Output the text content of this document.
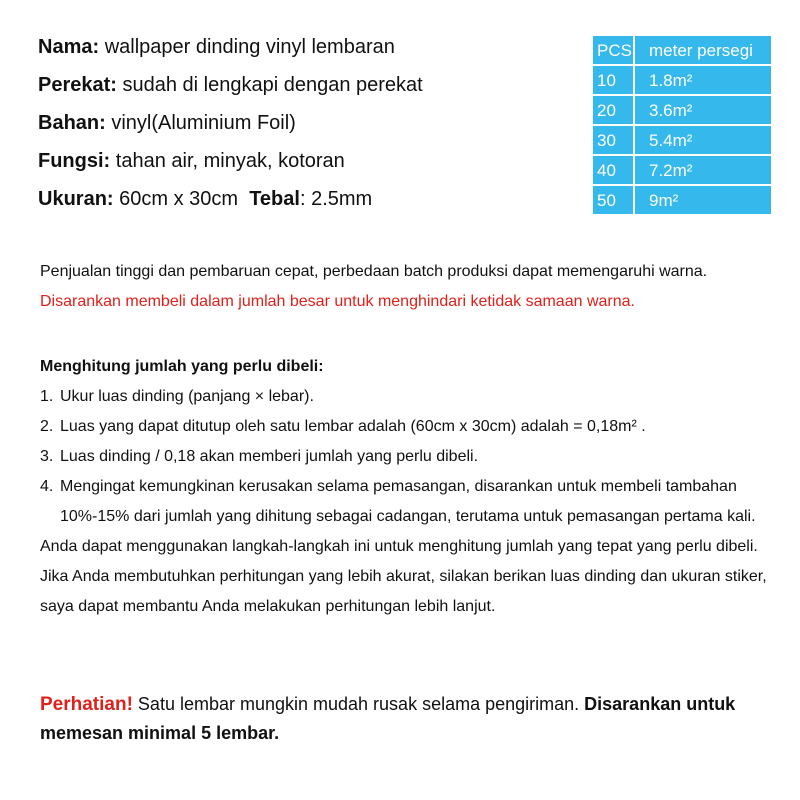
Nama: wallpaper dinding vinyl lembaran
Perekat: sudah di lengkapi dengan perekat
Bahan: vinyl(Aluminium Foil)
Fungsi: tahan air, minyak, kotoran
Ukuran: 60cm x 30cm  Tebal: 2.5mm
PCS	meter persegi
10	1.8m²
20	3.6m²
30	5.4m²
40	7.2m²
50	9m²
Penjualan tinggi dan pembaruan cepat, perbedaan batch produksi dapat memengaruhi warna. Disarankan membeli dalam jumlah besar untuk menghindari ketidak samaan warna.
Menghitung jumlah yang perlu dibeli:
1. Ukur luas dinding (panjang × lebar).
2. Luas yang dapat ditutup oleh satu lembar adalah (60cm x 30cm) adalah = 0,18m² .
3. Luas dinding / 0,18 akan memberi jumlah yang perlu dibeli.
4. Mengingat kemungkinan kerusakan selama pemasangan, disarankan untuk membeli tambahan 10%-15% dari jumlah yang dihitung sebagai cadangan, terutama untuk pemasangan pertama kali.
Anda dapat menggunakan langkah-langkah ini untuk menghitung jumlah yang tepat yang perlu dibeli. Jika Anda membutuhkan perhitungan yang lebih akurat, silakan berikan luas dinding dan ukuran stiker, saya dapat membantu Anda melakukan perhitungan lebih lanjut.
Perhatian! Satu lembar mungkin mudah rusak selama pengiriman. Disarankan untuk memesan minimal 5 lembar.
